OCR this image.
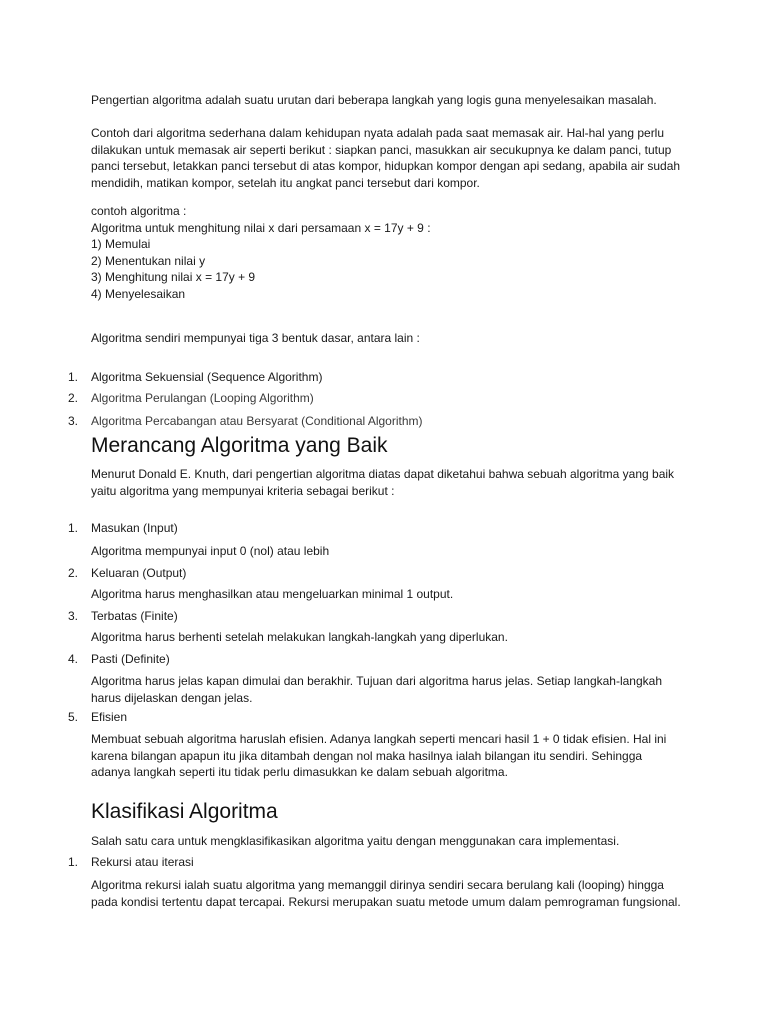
Pengertian algoritma adalah suatu urutan dari beberapa langkah yang logis guna menyelesaikan masalah.

Contoh dari algoritma sederhana dalam kehidupan nyata adalah pada saat memasak air. Hal-hal yang perlu
dilakukan untuk memasak air seperti berikut : siapkan panci, masukkan air secukupnya ke dalam panci, tutup
panci tersebut, letakkan panci tersebut di atas kompor, hidupkan kompor dengan api sedang, apabila air sudah
mendidih, matikan kompor, setelah itu angkat panci tersebut dari kompor.

contoh algoritma :
Algoritma untuk menghitung nilai x dari persamaan x = 17y + 9 :
1) Memulai
2) Menentukan nilai y
3) Menghitung nilai x = 17y + 9
4) Menyelesaikan

Algoritma sendiri mempunyai tiga 3 bentuk dasar, antara lain :

1. Algoritma Sekuensial (Sequence Algorithm)

2. Algoritma Perulangan (Looping Algorithm)

3. Algoritma Percabangan atau Bersyarat (Conditional Algorithm)

Merancang Algoritma yang Baik

Menurut Donald E. Knuth, dari pengertian algoritma diatas dapat diketahui bahwa sebuah algoritma yang baik
yaitu algoritma yang mempunyai kriteria sebagai berikut :

1. Masukan (Input)

Algoritma mempunyai input 0 (nol) atau lebih

2. Keluaran (Output)

Algoritma harus menghasilkan atau mengeluarkan minimal 1 output.

3. Terbatas (Finite)

Algoritma harus berhenti setelah melakukan langkah-langkah yang diperlukan.

4. Pasti (Definite)

Algoritma harus jelas kapan dimulai dan berakhir. Tujuan dari algoritma harus jelas. Setiap langkah-langkah
harus dijelaskan dengan jelas.

5. Efisien

Membuat sebuah algoritma haruslah efisien. Adanya langkah seperti mencari hasil 1 + 0 tidak efisien. Hal ini
karena bilangan apapun itu jika ditambah dengan nol maka hasilnya ialah bilangan itu sendiri. Sehingga
adanya langkah seperti itu tidak perlu dimasukkan ke dalam sebuah algoritma.

Klasifikasi Algoritma

Salah satu cara untuk mengklasifikasikan algoritma yaitu dengan menggunakan cara implementasi.

1. Rekursi atau iterasi

Algoritma rekursi ialah suatu algoritma yang memanggil dirinya sendiri secara berulang kali (looping) hingga
pada kondisi tertentu dapat tercapai. Rekursi merupakan suatu metode umum dalam pemrograman fungsional.
